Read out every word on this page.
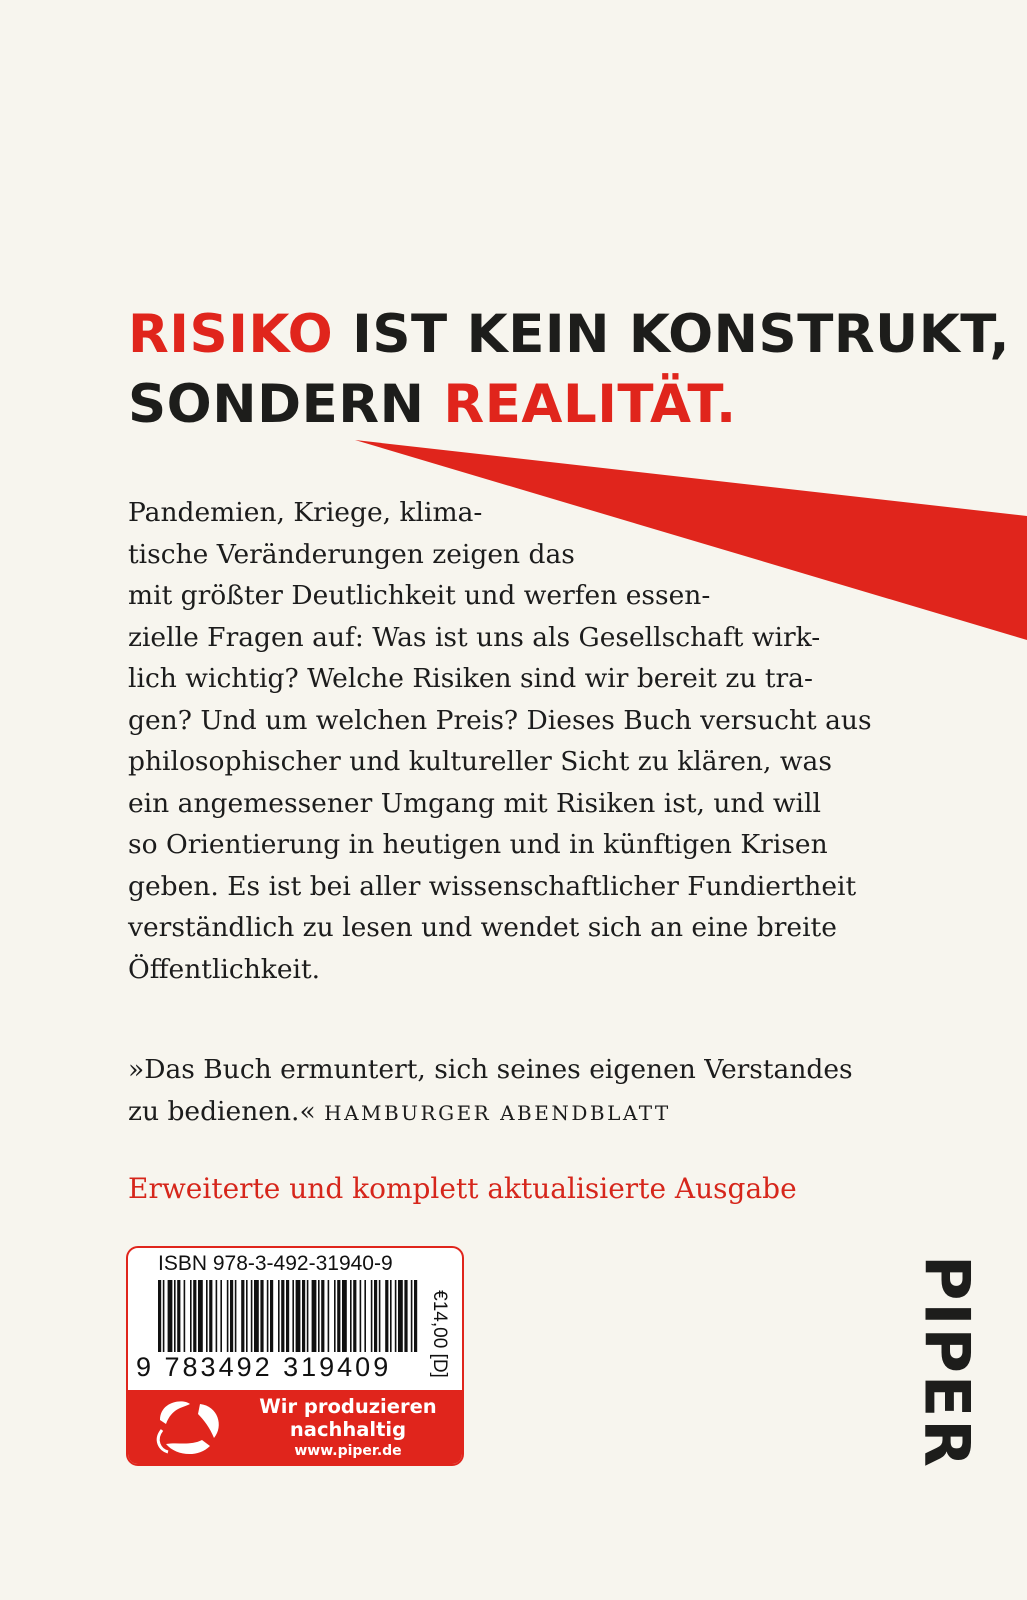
RISIKO IST KEIN KONSTRUKT,
SONDERN REALITÄT.
Pandemien, Kriege, klima-
tische Veränderungen zeigen das
mit größter Deutlichkeit und werfen essen-
zielle Fragen auf: Was ist uns als Gesellschaft wirk-
lich wichtig? Welche Risiken sind wir bereit zu tra-
gen? Und um welchen Preis? Dieses Buch versucht aus
philosophischer und kultureller Sicht zu klären, was
ein angemessener Umgang mit Risiken ist, und will
so Orientierung in heutigen und in künftigen Krisen
geben. Es ist bei aller wissenschaftlicher Fundiertheit
verständlich zu lesen und wendet sich an eine breite
Öffentlichkeit.
»Das Buch ermuntert, sich seines eigenen Verstandes
zu bedienen.« HAMBURGER ABENDBLATT
Erweiterte und komplett aktualisierte Ausgabe
ISBN 978-3-492-31940-9
9 783492 319409 €14,00 [D]
Wir produzieren
nachhaltig
www.piper.de	PIPER
